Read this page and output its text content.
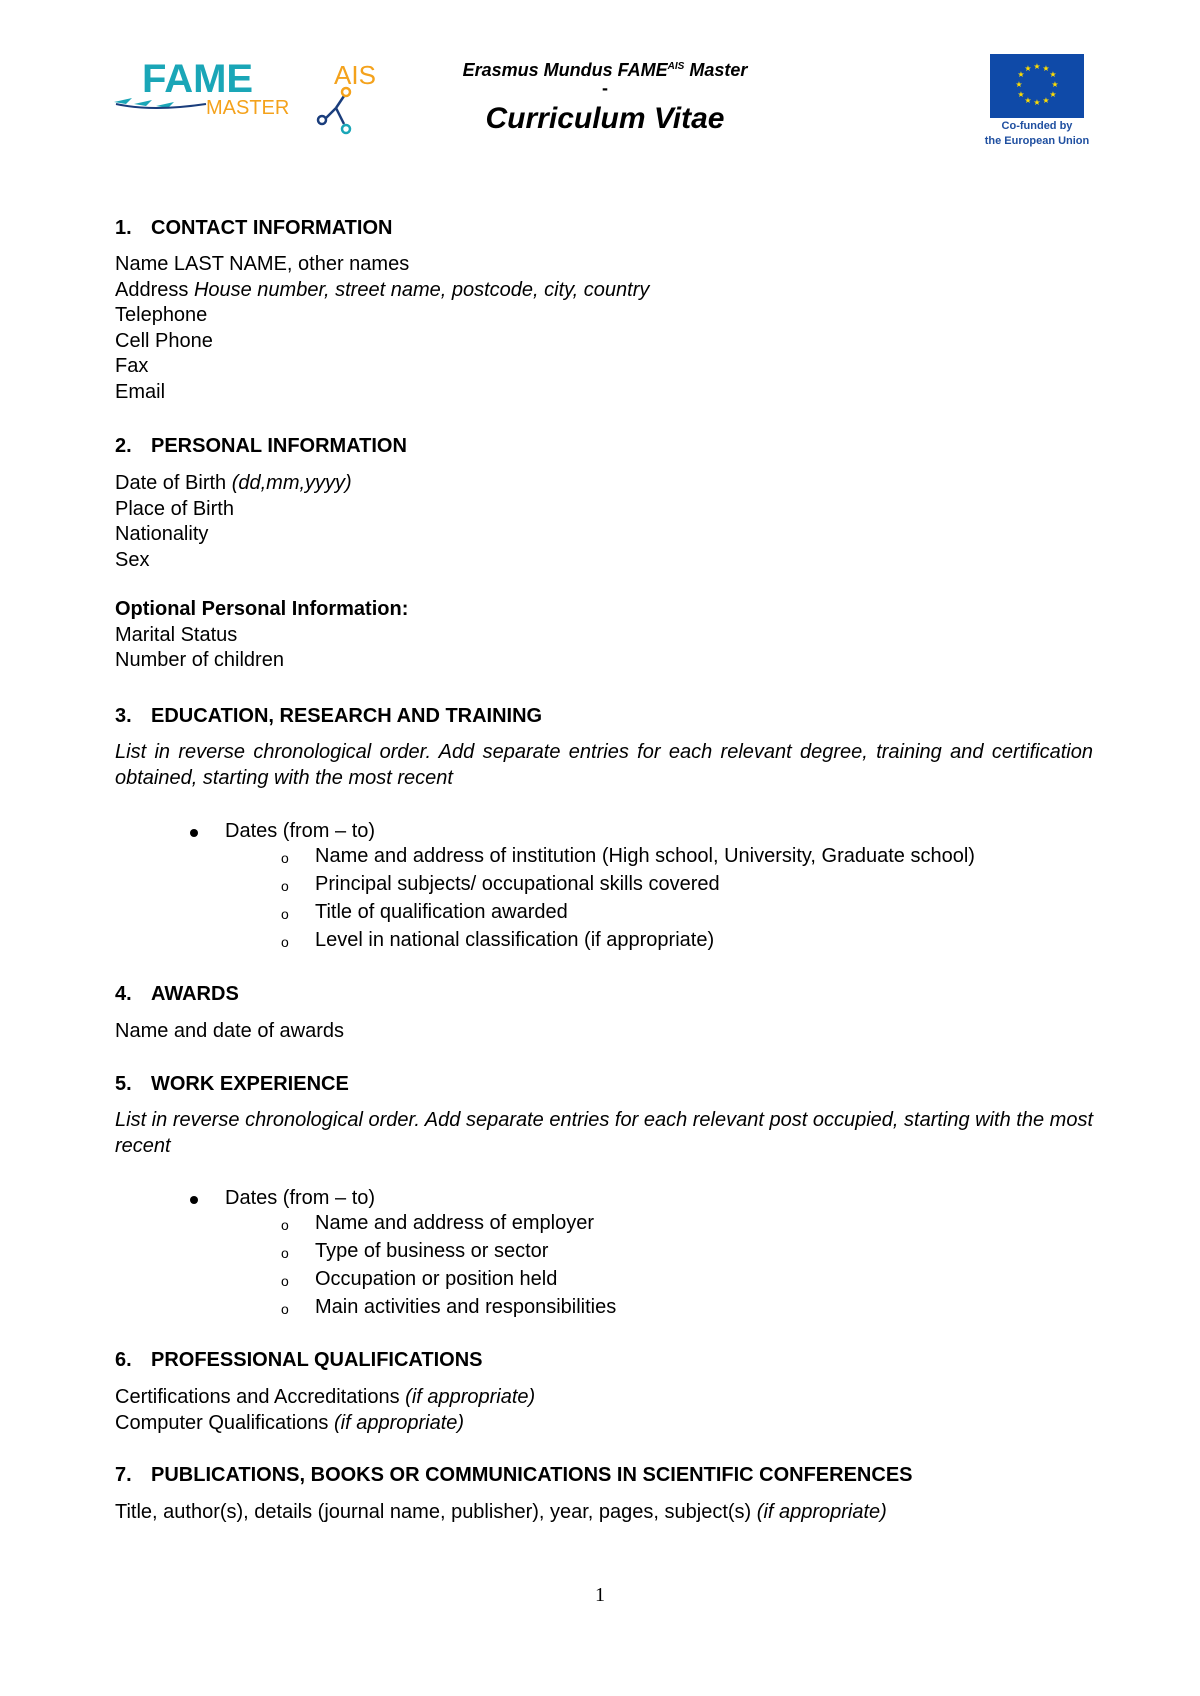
FAME	AIS
MASTER
Erasmus Mundus $FAME^{AIS}$ Master
-
Curriculum Vitae
★ ★
★
★
★
★
★
★
★
★
★
★
Co-funded by
the European Union
1. CONTACT INFORMATION
Name LAST NAME, other names
Address House number, street name, postcode, city, country
Telephone
Cell Phone
Fax
Email
2. PERSONAL INFORMATION
Date of Birth (dd,mm,yyyy)
Place of Birth
Nationality
Sex
Optional Personal Information:
Marital Status
Number of children
3. EDUCATION, RESEARCH AND TRAINING
List in reverse chronological order. Add separate entries for each relevant degree, training and certification obtained, starting with the most recent
Dates (from – to)
o Name and address of institution (High school, University, Graduate school)
o Principal subjects/ occupational skills covered
o Title of qualification awarded
o Level in national classification (if appropriate)
4. AWARDS
Name and date of awards
5. WORK EXPERIENCE
List in reverse chronological order. Add separate entries for each relevant post occupied, starting with the most recent
Dates (from – to)
o Name and address of employer
o Type of business or sector
o Occupation or position held
o Main activities and responsibilities
6. PROFESSIONAL QUALIFICATIONS
Certifications and Accreditations (if appropriate)
Computer Qualifications (if appropriate)
7. PUBLICATIONS, BOOKS OR COMMUNICATIONS IN SCIENTIFIC CONFERENCES
Title, author(s), details (journal name, publisher), year, pages, subject(s) (if appropriate)
1
